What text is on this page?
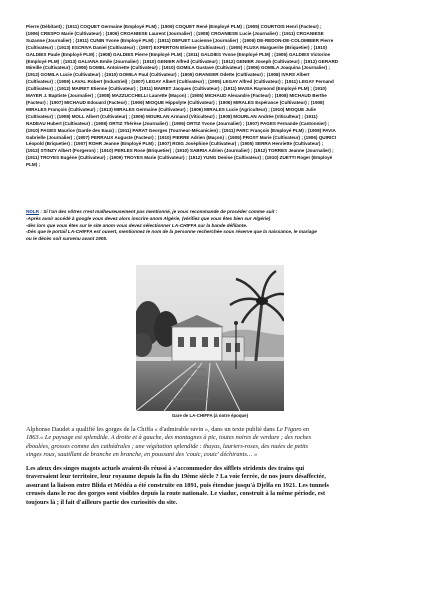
Pierre (Débitant) ; (1911) COQUET Germaine (Employé PLM) ; (1909) COQUET René (Employé PLM) ; (1905) COURTOIS Henri (Facteur) ;

(1906) CRESPO Marie (Cultivateur) ; (1906) CROANIESE Laurent (Journalier) ; (1908) CROANIESE Lucie (Journalier) ; (1911) CROANIESE

Suzanne (Journalier) ; (1911) CUNIN Yvone (Employé PLM) ; (1911) DEFUET Lucienne (Journalier) ; (1906) DE-REDON-DE-COLOMBIER Pierre

(Cultivateur) ; (1913) ESCRIVA Daniel (Cultivateur) ; (1907) EXPERTON Etienne (Cultivateur) ; (1905) FLUXA Marguerite (Briquetier) ; (1910)

GALDIES Paule (Employé PLM) ; (1908) GALDIES Pierre (Employé PLM) ; (1911) GALDIES Yvone (Employé PLM) ; (1906) GALDIES Victorine

(Employé PLM) ; (1913) GALIANA Emile (Journalier) ; (1910) GENIER Alfred (Cultivateur) ; (1912) GENIER Joseph (Cultivateur) ; (1912) GERARD

Mireille (Cultivateur) ; (1906) GOMEL Antoinette (Cultivateur) ; (1910) GOMILA Gustave (Cultivateur) ; (1906) GOMILA Joaquina (Journalier) ;

(1912) GOMILA Lucie (Cultivateur) ; (1910) GOMILA Paul (Cultivateur) ; (1905) GRANGER Odette (Cultivateur) ; (1908) IVARS Albert

(Cultivateur) ; (1909) LAVAL Robert (Industriel) ; (1907) LEGAY Albert (Cultivateur) ; (1905) LEGAY Alfred (Cultivateur) ; (1911) LEGAY Fernand

(Cultivateur) ; (1912) MAIRET Etienne (Cultivateur) ; (1911) MAIRET Jacques (Cultivateur) ; (1911) MASIA Raymond (Employé PLM) ; (1910)

MAYER J. Baptiste (Journalier) ; (1908) MAZZUCCHELLI Laurette (Maçon) ; (1905) MICHAUD Alexandre (Facteur) ; (1908) MICHAUD Berthe

(Facteur) ; (1907) MICHAUD Edouard (Facteur) ; (1906) MIOQUE Hippolyte (Cultivateur) ; (1906) MIRALES Espérance (Cultivateur) ; (1908)

MIRALES François (Cultivateur) ; (1913) MIRALES Germaine (Cultivateur) ; (1906) MIRALES Lucie (Agriculteur) ; (1910) MIOQUE Julie

(Cultivateur) ; (1908) MOLL Albert (Cultivateur) ; (1906) MOURLAN Armand (Viticulteur) ; (1908) MOURLAN Andrée (Viticulteur) ; (1911)

NADEAU Hubert (Cultivateur) ; (1908) ORTIZ Thérèse (Journalier) ; (1906) ORTIZ Yvone (Journalier) ; (1907) PAGES Fernande (Cantonnier) ;

(1910) PAGES Maurice (Garde des Eaux) ; (1911) PARAT Georges (Tourneur-Mécanicien) ; (1911) PARC François (Employé PLM) ; (1909) PAVIA

Gabrielle (Journalier) ; (1907) PERRAUX Auguste (Facteur) ; (1910) PIERRE Adrien (Maçon) ; (1905) PROST Marie (Cultivateur) ; (1906) QUIRICI

Léopold (Briquetier) ; (1907) ROHR Jeanne (Employé PLM) ; (1907) ROIG Joséphine (Cultivateur) ; (1905) SERRA Henriette (Cultivateur) ;

(1912) STINZY Albert (Forgeron) ; (1910) PERLES Rose (Briquetier) ; (1910) SABRIA Adrien (Journalier) ; (1912) TORRES Jeanne (Journalier) ;

(1911) TROYES Eugène (Cultivateur) ; (1909) TROYES Marie (Cultivateur) ; (1912) YUNG Denise (Cultivateur) ; (1910) ZUETTI Roger (Employé

PLM) ;

NDLR : Si l'un des vôtres n'est malheureusement pas mentionné, je vous recommande de procéder comme suit :

-Après avoir accédé à google vous devez alors inscrire anom Algérie, (vérifiez que vous êtes bien sur Algérie)

-dès lors que vous êtes sur le site anom vous devez sélectionner LA-CHIFFA sur la bande défilante.

-Dès que le portail LA-CHIFFA est ouvert, mentionnez le nom de la personne recherchée sous réserve que la naissance, le mariage

ou le décès soit survenu avant 1905.

Gare de LA-CHIFFA (à notre époque)

Alphonse Daudet a qualifié les gorges de la Chiffa « d'admirable ravin », dans un texte publié dans Le Figaro en

1863.« Le paysage est splendide. A droite et à gauche, des montagnes à pic, toutes noires de verdure ; des roches

éboulées, grosses comme des cathédrales ; une végétation splendide : thuyas, lauriers-roses, des nuées de petits

singes roux, sautillant de branche en branche, en poussant des 'couic, couic' déchirants… »

Les aïeux des singes magots actuels avaient-ils réussi à s'accommoder des sifflets stridents des trains qui

traversaient leur territoire, leur royaume depuis la fin du 19ème siècle ? La voie ferrée, de nos jours désaffectée,

assurant la liaison entre Blida et Médéa a été construite en 1891, puis étendue jusqu'à Djelfa en 1921. Les tunnels

creusés dans le roc des gorges sont visibles depuis la route nationale. Le viaduc, construit à la même période, est

toujours là ; il fait d'ailleurs partie des curiosités du site.
